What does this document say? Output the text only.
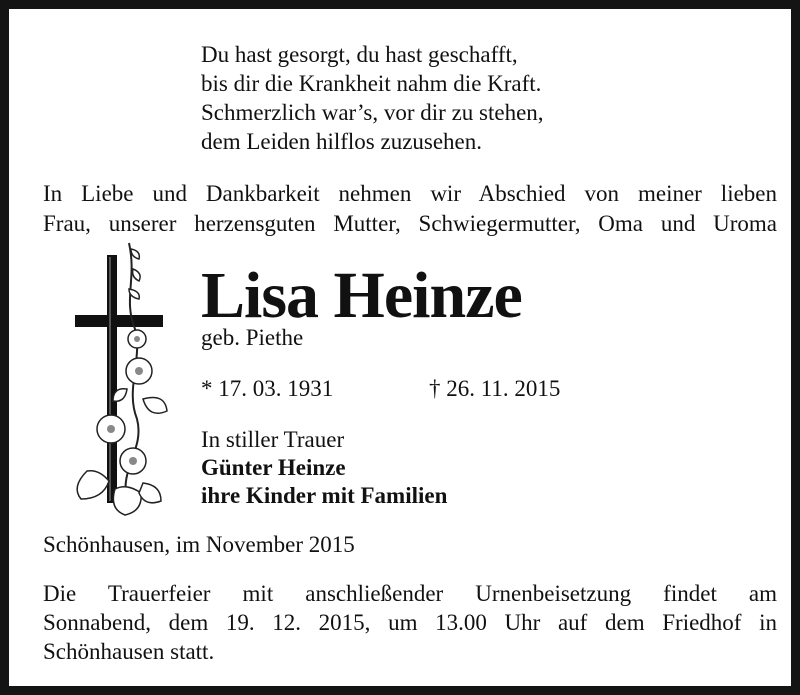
Du hast gesorgt, du hast geschafft,
bis dir die Krankheit nahm die Kraft.
Schmerzlich war’s, vor dir zu stehen,
dem Leiden hilflos zuzusehen.
In Liebe und Dankbarkeit nehmen wir Abschied von meiner lieben
Frau, unserer herzensguten Mutter, Schwiegermutter, Oma und Uroma
Lisa Heinze
geb. Piethe
* 17. 03. 1931	† 26. 11. 2015
In stiller Trauer
Günter Heinze
ihre Kinder mit Familien
Schönhausen, im November 2015
Die Trauerfeier mit anschließender Urnenbeisetzung findet am
Sonnabend, dem 19. 12. 2015, um 13.00 Uhr auf dem Friedhof in
Schönhausen statt.
